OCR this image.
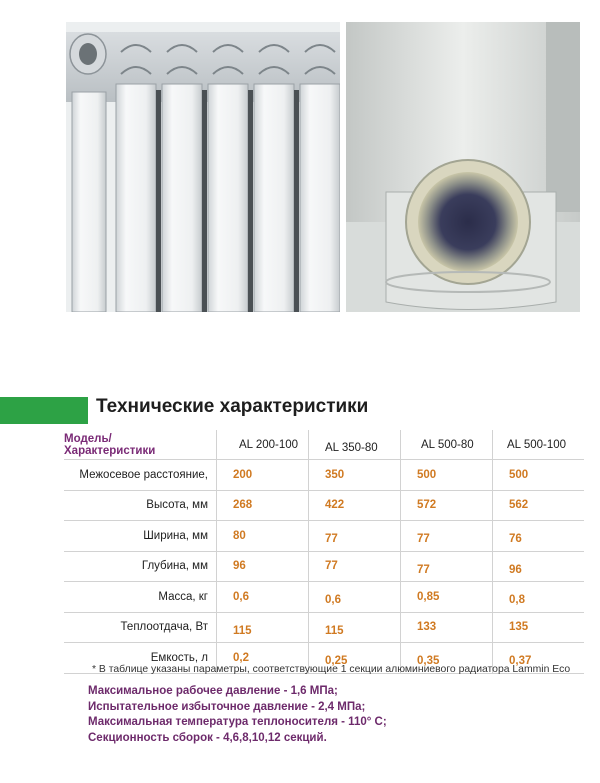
Технические характеристики
Модель/Характеристики	AL 200-100	AL 350-80	AL 500-80	AL 500-100
Межосевое расстояние,	200	350	500	500
Высота, мм	268	422	572	562
Ширина, мм	80	77	77	76
Глубина, мм	96	77	77	96
Масса, кг	0,6	0,6	0,85	0,8
Теплоотдача, Вт	115	115	133	135
Емкость, л	0,2	0,25	0,35	0,37

* В таблице указаны параметры, соответствующие 1 секции алюминиевого радиатора Lammin Eco

Максимальное рабочее давление - 1,6 МПа;

Испытательное избыточное давление - 2,4 МПа;

Максимальная температура теплоносителя - 110° С;

Секционность сборок - 4,6,8,10,12 секций.
